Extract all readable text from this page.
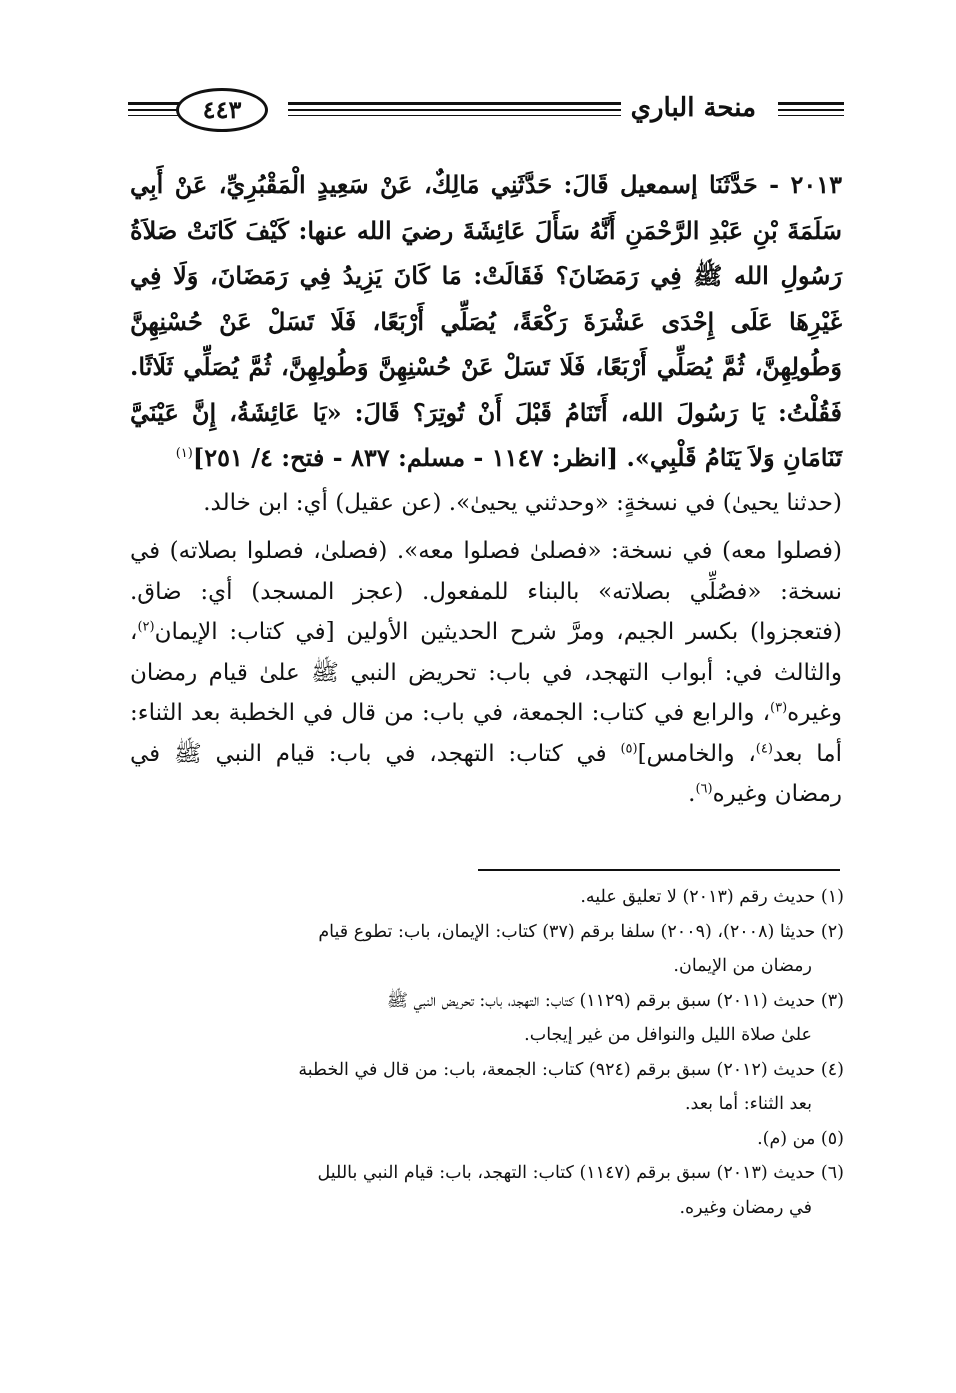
٤٤٣	منحة الباري

٢٠١٣ - حَدَّثَنَا إسمعيل قَالَ: حَدَّثَنِي مَالِكٌ، عَنْ سَعِيدٍ الْمَقْبُرِيِّ، عَنْ أَبِي سَلَمَةَ بْنِ عَبْدِ الرَّحْمَنِ أَنَّهُ سَأَلَ عَائِشَةَ رضيَ الله عنها: كَيْفَ كَانَتْ صَلاَةُ رَسُولِ الله ﷺ فِي رَمَضَانَ؟ فَقَالَتْ: مَا كَانَ يَزِيدُ فِي رَمَضَانَ، وَلَا فِي غَيْرِهَا عَلَى إِحْدَى عَشْرَةَ رَكْعَةً، يُصَلِّي أَرْبَعًا، فَلَا تَسَلْ عَنْ حُسْنِهِنَّ وَطُولِهِنَّ، ثُمَّ يُصَلِّي أَرْبَعًا، فَلَا تَسَلْ عَنْ حُسْنِهِنَّ وَطُولِهِنَّ، ثُمَّ يُصَلِّي ثَلَاثًا. فَقُلْتُ: يَا رَسُولَ الله، أَتَنَامُ قَبْلَ أَنْ تُوتِرَ؟ قَالَ: «يَا عَائِشَةُ، إِنَّ عَيْنَيَّ تَنَامَانِ وَلاَ يَنَامُ قَلْبِي». [انظر: ١١٤٧ - مسلم: ٨٣٧ - فتح: ٤/ ٢٥١]$^{(١)}$

(حدثنا يحيىٰ) في نسخةٍ: «وحدثني يحيىٰ». (عن عقيل) أي: ابن خالد.

(فصلوا معه) في نسخة: «فصلىٰ فصلوا معه». (فصلىٰ، فصلوا بصلاته) في نسخة: «فصُلِّي بصلاته» بالبناء للمفعول. (عجز المسجد) أي: ضاق. (فتعجزوا) بكسر الجيم، ومرَّ شرح الحديثين الأولين [في كتاب: الإيمان$^{(٢)}$، والثالث في: أبواب التهجد، في باب: تحريض النبي ﷺ علىٰ قيام رمضان وغيره$^{(٣)}$، والرابع في كتاب: الجمعة، في باب: من قال في الخطبة بعد الثناء: أما بعد$^{(٤)}$، والخامس]$^{(٥)}$ في كتاب: التهجد، في باب: قيام النبي ﷺ في رمضان وغيره$^{(٦)}$.

(١) حديث رقم (٢٠١٣) لا تعليق عليه.
(٢) حديثا (٢٠٠٨)، (٢٠٠٩) سلفا برقم (٣٧) كتاب: الإيمان، باب: تطوع قيام
رمضان من الإيمان.
(٣) حديث (٢٠١١) سبق برقم (١١٢٩) كتاب: التهجد، باب: تحريض النبي ﷺ
علىٰ صلاة الليل والنوافل من غير إيجاب.
(٤) حديث (٢٠١٢) سبق برقم (٩٢٤) كتاب: الجمعة، باب: من قال في الخطبة
بعد الثناء: أما بعد.
(٥) من (م).
(٦) حديث (٢٠١٣) سبق برقم (١١٤٧) كتاب: التهجد، باب: قيام النبي بالليل
في رمضان وغيره.
